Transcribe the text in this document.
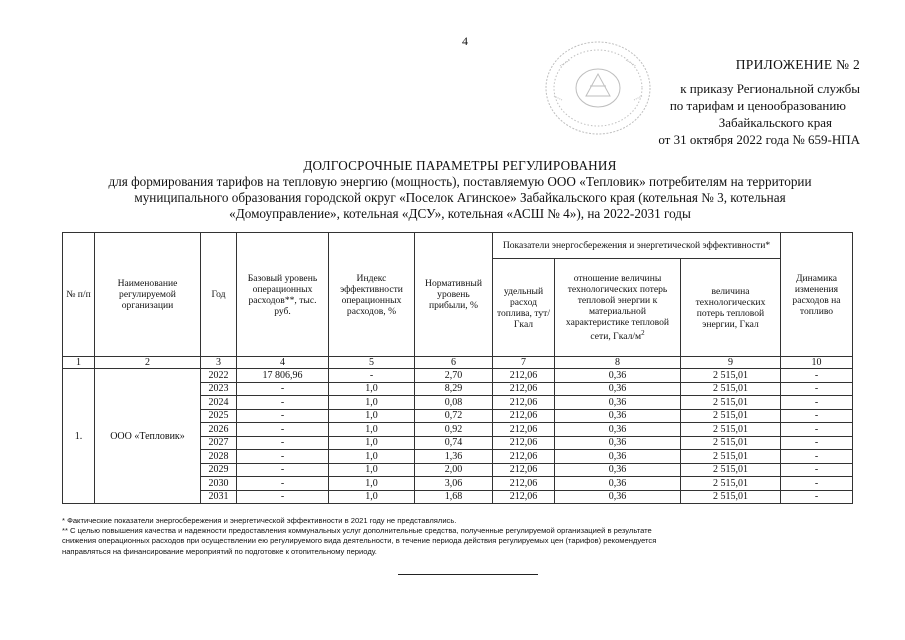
4
ПРИЛОЖЕНИЕ № 2
к приказу Региональной службы
по тарифам и ценообразованию
Забайкальского края
от 31 октября 2022 года № 659-НПА
ДОЛГОСРОЧНЫЕ ПАРАМЕТРЫ РЕГУЛИРОВАНИЯ
для формирования тарифов на тепловую энергию (мощность), поставляемую ООО «Тепловик» потребителям на территории
муниципального образования городской округ «Поселок Агинское» Забайкальского края (котельная № 3, котельная
«Домоуправление», котельная «ДСУ», котельная «АСШ № 4»), на 2022-2031 годы
№ п/п	Наименование регулируемой организации	Год	Базовый уровень операционных расходов**, тыс. руб.	Индекс эффективности операционных расходов, %	Нормативный уровень прибыли, %	Показатели энергосбережения и энергетической эффективности*			Динамика изменения расходов на топливо
						удельный расход топлива, тут/Гкал	отношение величины технологических потерь тепловой энергии к материальной характеристике тепловой сети, Гкал/$м^2$	величина технологических потерь тепловой энергии, Гкал	
1	2	3	4	5	6	7	8	9	10
1.	ООО «Тепловик»	2022	17 806,96	-	2,70	212,06	0,36	2 515,01	-
		2023	-	1,0	8,29	212,06	0,36	2 515,01	-
		2024	-	1,0	0,08	212,06	0,36	2 515,01	-
		2025	-	1,0	0,72	212,06	0,36	2 515,01	-
		2026	-	1,0	0,92	212,06	0,36	2 515,01	-
		2027	-	1,0	0,74	212,06	0,36	2 515,01	-
		2028	-	1,0	1,36	212,06	0,36	2 515,01	-
		2029	-	1,0	2,00	212,06	0,36	2 515,01	-
		2030	-	1,0	3,06	212,06	0,36	2 515,01	-
		2031	-	1,0	1,68	212,06	0,36	2 515,01	-
* Фактические показатели энергосбережения и энергетической эффективности в 2021 году не представлялись.
** С целью повышения качества и надежности предоставления коммунальных услуг дополнительные средства, полученные регулируемой организацией в результате
снижения операционных расходов при осуществлении ею регулируемого вида деятельности, в течение периода действия регулируемых цен (тарифов) рекомендуется
направляться на финансирование мероприятий по подготовке к отопительному периоду.
